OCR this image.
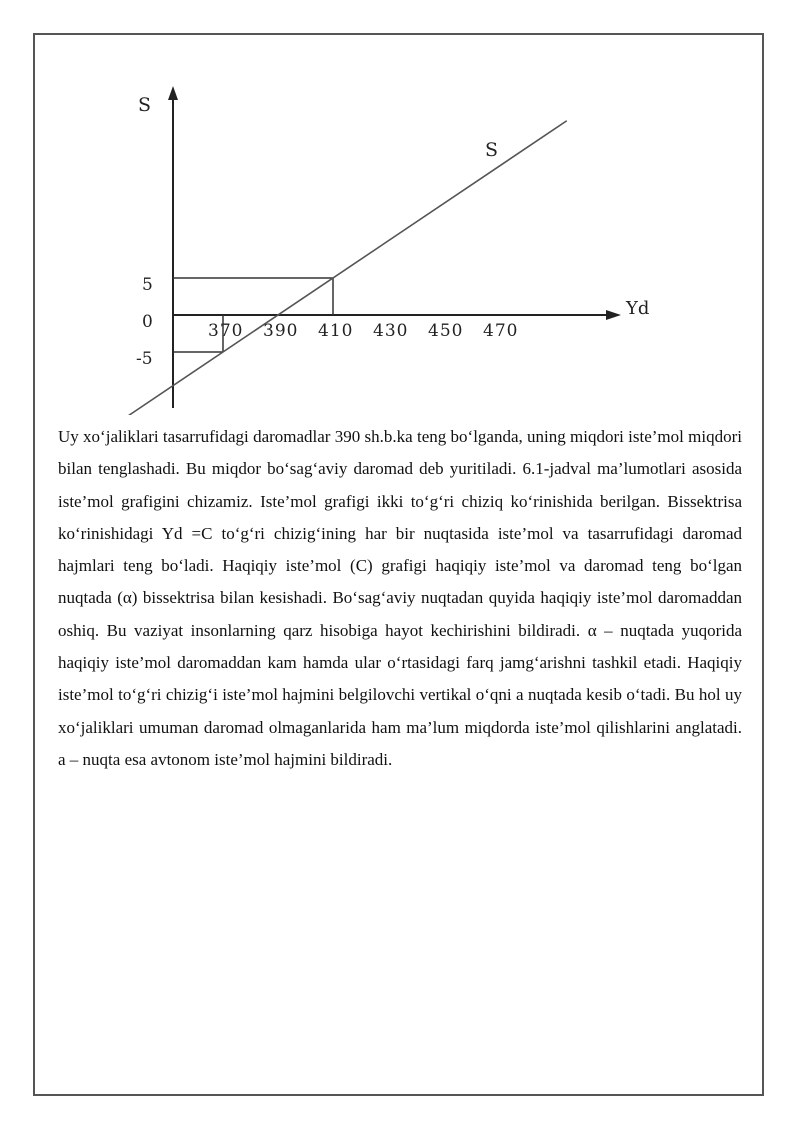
S
Yd
370 390 410 430 450 470
5
0
-5
S

Uy xo‘jaliklari tasarrufidagi daromadlar 390 sh.b.ka teng bo‘lganda, uning miqdori iste’mol miqdori bilan tenglashadi. Bu miqdor bo‘sag‘aviy daromad deb yuritiladi. 6.1-jadval ma’lumotlari asosida iste’mol grafigini chizamiz. Iste’mol grafigi ikki to‘g‘ri chiziq ko‘rinishida berilgan. Bissektrisa ko‘rinishidagi Yd =C to‘g‘ri chizig‘ining har bir nuqtasida iste’mol va tasarrufidagi daromad hajmlari teng bo‘ladi. Haqiqiy iste’mol (C) grafigi haqiqiy iste’mol va daromad teng bo‘lgan nuqtada (α) bissektrisa bilan kesishadi. Bo‘sag‘aviy nuqtadan quyida haqiqiy iste’mol daromaddan oshiq. Bu vaziyat insonlarning qarz hisobiga hayot kechirishini bildiradi. α – nuqtada yuqorida haqiqiy iste’mol daromaddan kam hamda ular o‘rtasidagi farq jamg‘arishni tashkil etadi. Haqiqiy iste’mol to‘g‘ri chizig‘i iste’mol hajmini belgilovchi vertikal o‘qni a nuqtada kesib o‘tadi. Bu hol uy xo‘jaliklari umuman daromad olmaganlarida ham ma’lum miqdorda iste’mol qilishlarini anglatadi. a – nuqta esa avtonom iste’mol hajmini bildiradi.
